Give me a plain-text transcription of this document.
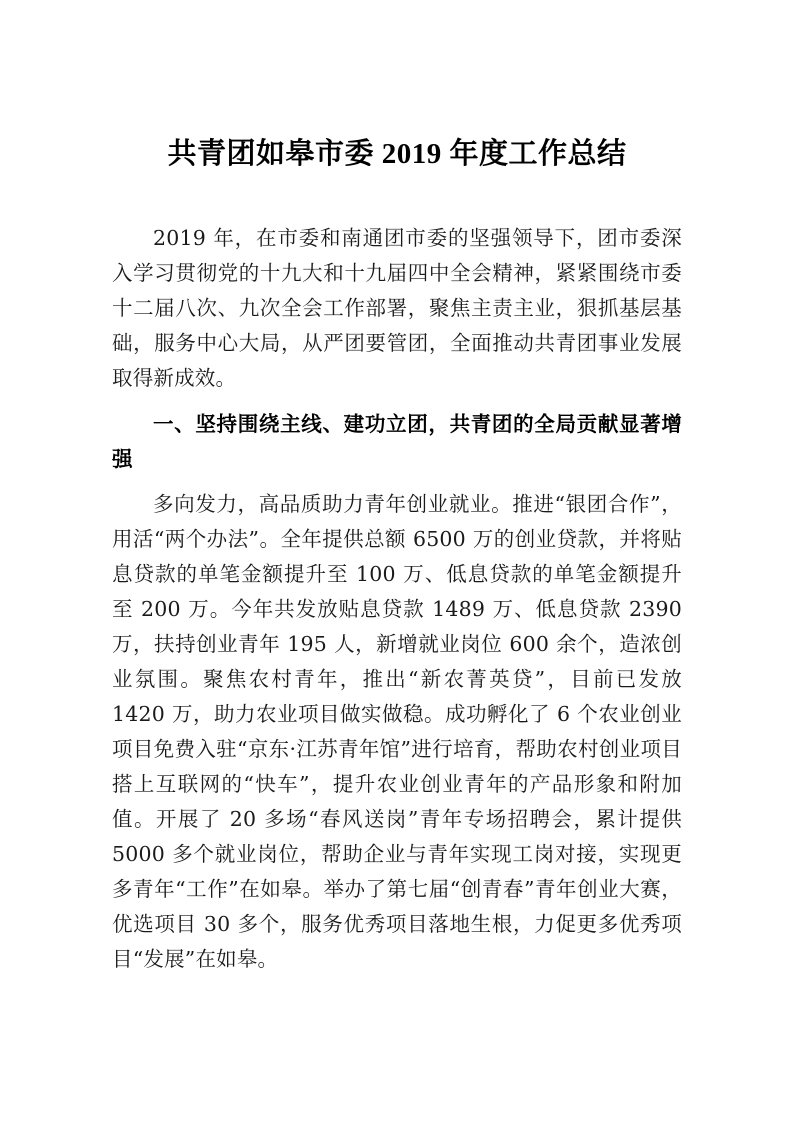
共青团如皋市委 2019 年度工作总结

2019 年，在市委和南通团市委的坚强领导下，团市委深入学习贯彻党的十九大和十九届四中全会精神，紧紧围绕市委十二届八次、九次全会工作部署，聚焦主责主业，狠抓基层基础，服务中心大局，从严团要管团，全面推动共青团事业发展取得新成效。

一、坚持围绕主线、建功立团，共青团的全局贡献显著增强

多向发力，高品质助力青年创业就业。推进“银团合作”，用活“两个办法”。全年提供总额 6500 万的创业贷款，并将贴息贷款的单笔金额提升至 100 万、低息贷款的单笔金额提升至 200 万。今年共发放贴息贷款 1489 万、低息贷款 2390 万，扶持创业青年 195 人，新增就业岗位 600 余个，造浓创业氛围。聚焦农村青年，推出“新农菁英贷”，目前已发放 1420 万，助力农业项目做实做稳。成功孵化了 6 个农业创业项目免费入驻“京东·江苏青年馆”进行培育，帮助农村创业项目搭上互联网的“快车”，提升农业创业青年的产品形象和附加值。开展了 20 多场“春风送岗”青年专场招聘会，累计提供 5000 多个就业岗位，帮助企业与青年实现工岗对接，实现更多青年“工作”在如皋。举办了第七届“创青春”青年创业大赛，优选项目 30 多个，服务优秀项目落地生根，力促更多优秀项目“发展”在如皋。
